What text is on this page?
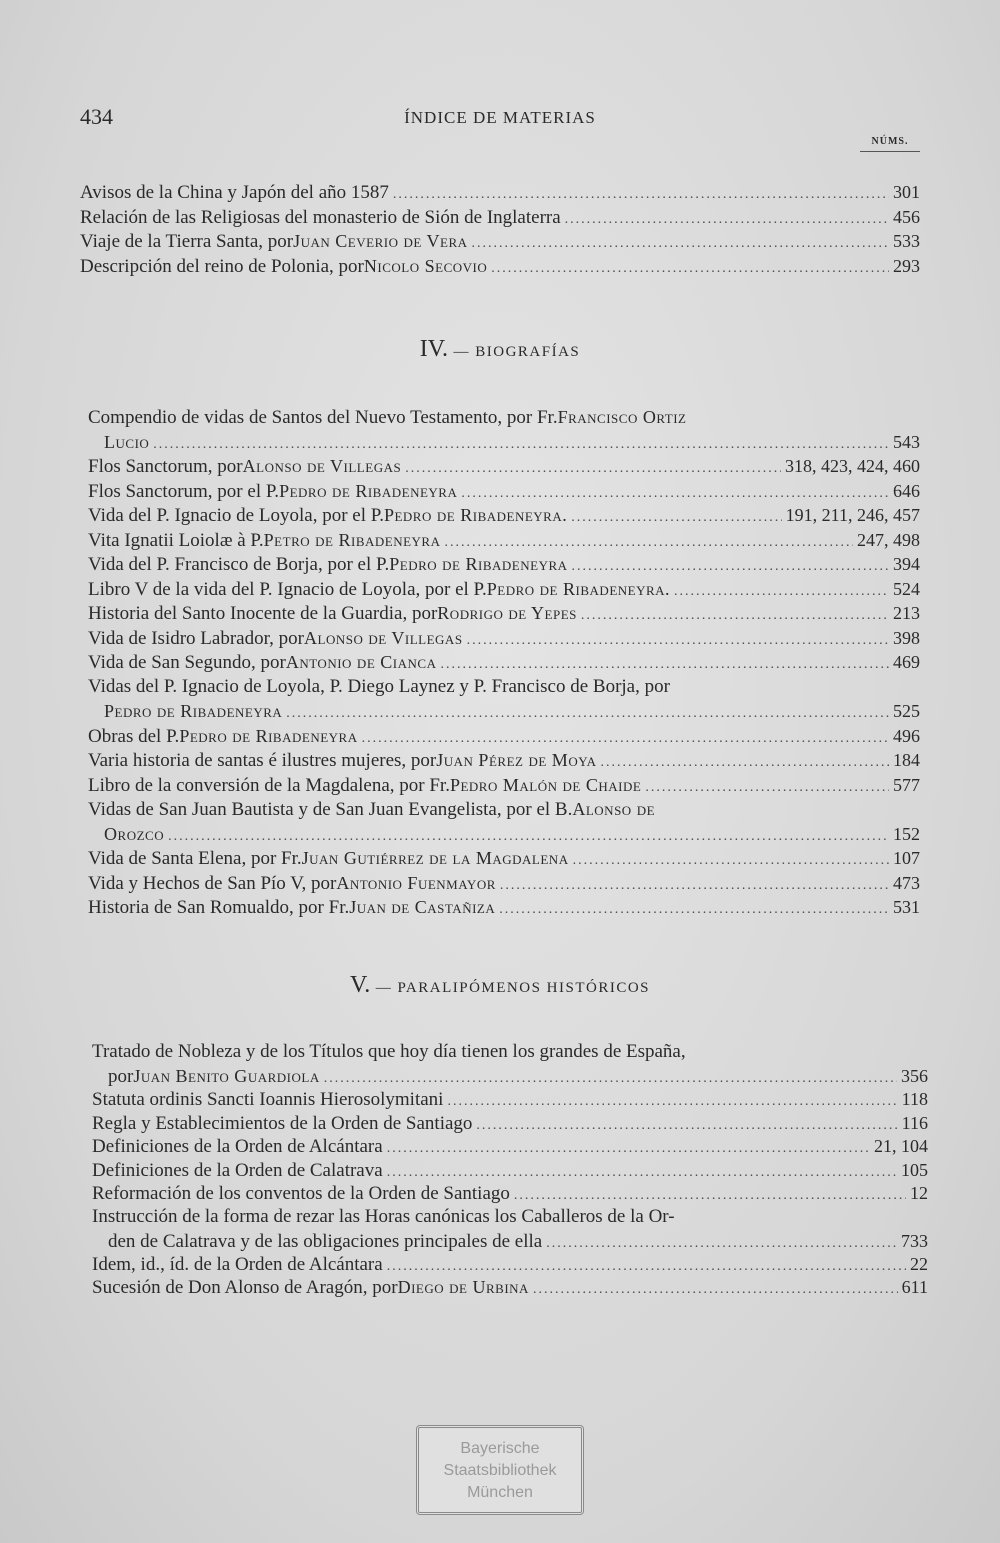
434	ÍNDICE DE MATERIAS
NÚMS.
Avisos de la China y Japón del año 1587 .....	301
Relación de las Religiosas del monasterio de Sión de Inglaterra .....	456
Viaje de la Tierra Santa, por Juan Ceverio de Vera .....	533
Descripción del reino de Polonia, por Nicolo Secovio .....	293
IV. — BIOGRAFÍAS
Compendio de vidas de Santos del Nuevo Testamento, por Fr. Francisco Ortiz
Lucio .....	543
Flos Sanctorum, por Alonso de Villegas .....	318, 423, 424, 460
Flos Sanctorum, por el P. Pedro de Ribadeneyra .....	646
Vida del P. Ignacio de Loyola, por el P. Pedro de Ribadeneyra. .....	191, 211, 246, 457
Vita Ignatii Loiolæ à P. Petro de Ribadeneyra .....	247, 498
Vida del P. Francisco de Borja, por el P. Pedro de Ribadeneyra .....	394
Libro V de la vida del P. Ignacio de Loyola, por el P. Pedro de Ribadeneyra. .....	524
Historia del Santo Inocente de la Guardia, por Rodrigo de Yepes .....	213
Vida de Isidro Labrador, por Alonso de Villegas .....	398
Vida de San Segundo, por Antonio de Cianca .....	469
Vidas del P. Ignacio de Loyola, P. Diego Laynez y P. Francisco de Borja, por
Pedro de Ribadeneyra .....	525
Obras del P. Pedro de Ribadeneyra .....	496
Varia historia de santas é ilustres mujeres, por Juan Pérez de Moya .....	184
Libro de la conversión de la Magdalena, por Fr. Pedro Malón de Chaide .....	577
Vidas de San Juan Bautista y de San Juan Evangelista, por el B. Alonso de
Orozco .....	152
Vida de Santa Elena, por Fr. Juan Gutiérrez de la Magdalena .....	107
Vida y Hechos de San Pío V, por Antonio Fuenmayor .....	473
Historia de San Romualdo, por Fr. Juan de Castañiza .....	531
V. — PARALIPÓMENOS HISTÓRICOS
Tratado de Nobleza y de los Títulos que hoy día tienen los grandes de España,
por Juan Benito Guardiola .....	356
Statuta ordinis Sancti Ioannis Hierosolymitani .....	118
Regla y Establecimientos de la Orden de Santiago .....	116
Definiciones de la Orden de Alcántara .....	21, 104
Definiciones de la Orden de Calatrava .....	105
Reformación de los conventos de la Orden de Santiago .....	12
Instrucción de la forma de rezar las Horas canónicas los Caballeros de la Or-
den de Calatrava y de las obligaciones principales de ella .....	733
Idem, id., íd. de la Orden de Alcántara .....	22
Sucesión de Don Alonso de Aragón, por Diego de Urbina .....	611
Bayerische
Staatsbibliothek
München
